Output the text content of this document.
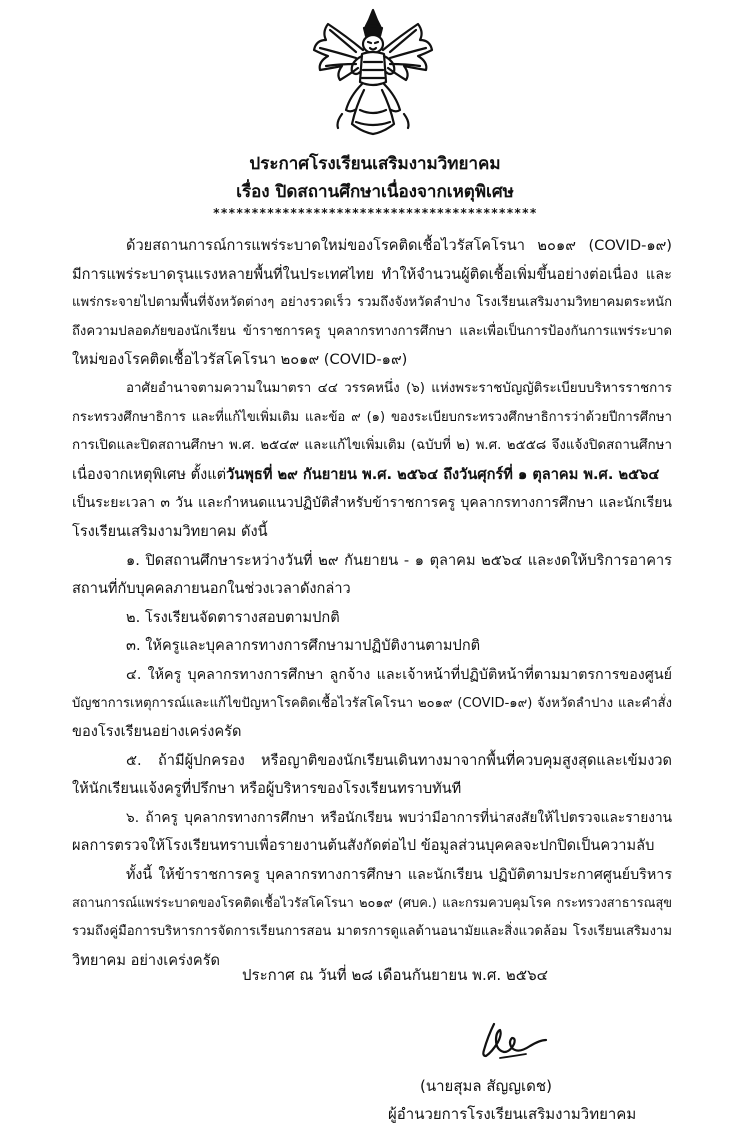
ประกาศโรงเรียนเสริมงามวิทยาคม
เรื่อง ปิดสถานศึกษาเนื่องจากเหตุพิเศษ
******************************************

ด้วยสถานการณ์การแพร่ระบาดใหม่ของโรคติดเชื้อไวรัสโคโรนา ๒๐๑๙ (COVID-๑๙)

มีการแพร่ระบาดรุนแรงหลายพื้นที่ในประเทศไทย ทำให้จำนวนผู้ติดเชื้อเพิ่มขึ้นอย่างต่อเนื่อง และ

แพร่กระจายไปตามพื้นที่จังหวัดต่างๆ อย่างรวดเร็ว รวมถึงจังหวัดลำปาง โรงเรียนเสริมงามวิทยาคมตระหนัก

ถึงความปลอดภัยของนักเรียน ข้าราชการครู บุคลากรทางการศึกษา และเพื่อเป็นการป้องกันการแพร่ระบาด

ใหม่ของโรคติดเชื้อไวรัสโคโรนา ๒๐๑๙ (COVID-๑๙)

อาศัยอำนาจตามความในมาตรา ๔๔ วรรคหนึ่ง (๖) แห่งพระราชบัญญัติระเบียบบริหารราชการ

กระทรวงศึกษาธิการ และที่แก้ไขเพิ่มเติม และข้อ ๙ (๑) ของระเบียบกระทรวงศึกษาธิการว่าด้วยปีการศึกษา

การเปิดและปิดสถานศึกษา พ.ศ. ๒๕๔๙ และแก้ไขเพิ่มเติม (ฉบับที่ ๒) พ.ศ. ๒๕๕๘ จึงแจ้งปิดสถานศึกษา

เนื่องจากเหตุพิเศษ ตั้งแต่วันพุธที่ ๒๙ กันยายน พ.ศ. ๒๕๖๔ ถึงวันศุกร์ที่ ๑ ตุลาคม พ.ศ. ๒๕๖๔

เป็นระยะเวลา ๓ วัน และกำหนดแนวปฏิบัติสำหรับข้าราชการครู บุคลากรทางการศึกษา และนักเรียน

โรงเรียนเสริมงามวิทยาคม ดังนี้

๑. ปิดสถานศึกษาระหว่างวันที่ ๒๙ กันยายน - ๑ ตุลาคม ๒๕๖๔ และงดให้บริการอาคาร

สถานที่กับบุคคลภายนอกในช่วงเวลาดังกล่าว

๒. โรงเรียนจัดตารางสอบตามปกติ

๓. ให้ครูและบุคลากรทางการศึกษามาปฏิบัติงานตามปกติ

๔. ให้ครู บุคลากรทางการศึกษา ลูกจ้าง และเจ้าหน้าที่ปฏิบัติหน้าที่ตามมาตรการของศูนย์

บัญชาการเหตุการณ์และแก้ไขปัญหาโรคติดเชื้อไวรัสโคโรนา ๒๐๑๙ (COVID-๑๙) จังหวัดลำปาง และคำสั่ง

ของโรงเรียนอย่างเคร่งครัด

๕. ถ้ามีผู้ปกครอง หรือญาติของนักเรียนเดินทางมาจากพื้นที่ควบคุมสูงสุดและเข้มงวด

ให้นักเรียนแจ้งครูที่ปรึกษา หรือผู้บริหารของโรงเรียนทราบทันที

๖. ถ้าครู บุคลากรทางการศึกษา หรือนักเรียน พบว่ามีอาการที่น่าสงสัยให้ไปตรวจและรายงาน

ผลการตรวจให้โรงเรียนทราบเพื่อรายงานต้นสังกัดต่อไป ข้อมูลส่วนบุคคลจะปกปิดเป็นความลับ

ทั้งนี้ ให้ข้าราชการครู บุคลากรทางการศึกษา และนักเรียน ปฏิบัติตามประกาศศูนย์บริหาร

สถานการณ์แพร่ระบาดของโรคติดเชื้อไวรัสโคโรนา ๒๐๑๙ (ศบค.) และกรมควบคุมโรค กระทรวงสาธารณสุข

รวมถึงคู่มือการบริหารการจัดการเรียนการสอน มาตรการดูแลด้านอนามัยและสิ่งแวดล้อม โรงเรียนเสริมงาม

วิทยาคม อย่างเคร่งครัด

ประกาศ ณ วันที่ ๒๘ เดือนกันยายน พ.ศ. ๒๕๖๔
(นายสุมล สัญญเดช)
ผู้อำนวยการโรงเรียนเสริมงามวิทยาคม
